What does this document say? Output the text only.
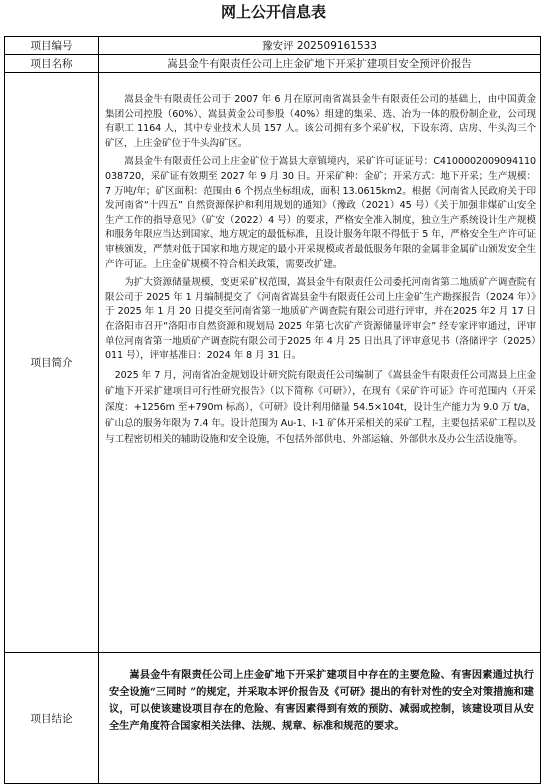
网上公开信息表
项目编号	豫安评 202509161533
项目名称	嵩县金牛有限责任公司上庄金矿地下开采扩建项目安全预评价报告
项目简介	嵩县金牛有限责任公司于 2007 年 6 月在原河南省嵩县金牛有限责任公司的基础上，由中国黄金集团公司控股（60%）、嵩县黄金公司参股（40%）组建的集采、选、冶为一体的股份制企业，公司现有职工 1164 人，其中专业技术人员 157 人。该公司拥有多个采矿权，下设东湾、店房、牛头沟三个矿区，上庄金矿位于牛头沟矿区。

嵩县金牛有限责任公司上庄金矿位于嵩县大章镇境内，采矿许可证证号：C4100002009094110038720，采矿证有效期至 2027 年 9 月 30 日。开采矿种：金矿；开采方式：地下开采；生产规模：7 万吨/年；矿区面积：范围由 6 个拐点坐标组成，面积 13.0615km2。根据《河南省人民政府关于印发河南省“十四五” 自然资源保护和利用规划的通知》（豫政（2021）45 号）《关于加强非煤矿山安全生产工作的指导意见》（矿安（2022）4 号）的要求，严格安全准入制度，独立生产系统设计生产规模和服务年限应当达到国家、地方规定的最低标准，且设计服务年限不得低于 5 年，严格安全生产许可证审核颁发，严禁对低于国家和地方规定的最小开采规模或者最低服务年限的金属非金属矿山颁发安全生产许可证。上庄金矿规模不符合相关政策，需要改扩建。

为扩大资源储量规模，变更采矿权范围，嵩县金牛有限责任公司委托河南省第二地质矿产调查院有限公司于 2025 年 1 月编制提交了《河南省嵩县金牛有限责任公司上庄金矿生产勘探报告（2024 年）》于 2025 年 1 月 20 日提交至河南省第一地质矿产调查院有限公司进行评审，并在2025 年2 月 17 日在洛阳市召开“洛阳市自然资源和规划局 2025 年第七次矿产资源储量评审会” 经专家评审通过，评审单位河南省第一地质矿产调查院有限公司于2025 年 4 月 25 日出具了评审意见书（洛储评字（2025）011 号），评审基准日：2024 年 8 月 31 日。

2025 年 7 月，河南省冶金规划设计研究院有限责任公司编制了《嵩县金牛有限责任公司嵩县上庄金矿地下开采扩建项目可行性研究报告》（以下简称《可研》），在现有《采矿许可证》许可范围内（开采深度：+1256m 至+790m 标高），《可研》设计利用储量 54.5×104t，设计生产能力为 9.0 万 t/a，矿山总的服务年限为 7.4 年。设计范围为 Au-1、I-1 矿体开采相关的采矿工程，主要包括采矿工程以及与工程密切相关的辅助设施和安全设施，不包括外部供电、外部运输、外部供水及办公生活设施等。

项目结论	嵩县金牛有限责任公司上庄金矿地下开采扩建项目中存在的主要危险、有害因素通过执行安全设施“三同时 ”的规定，并采取本评价报告及《可研》提出的有针对性的安全对策措施和建议，可以使该建设项目存在的危险、有害因素得到有效的预防、减弱或控制，该建设项目从安全生产角度符合国家相关法律、法规、规章、标准和规范的要求。
